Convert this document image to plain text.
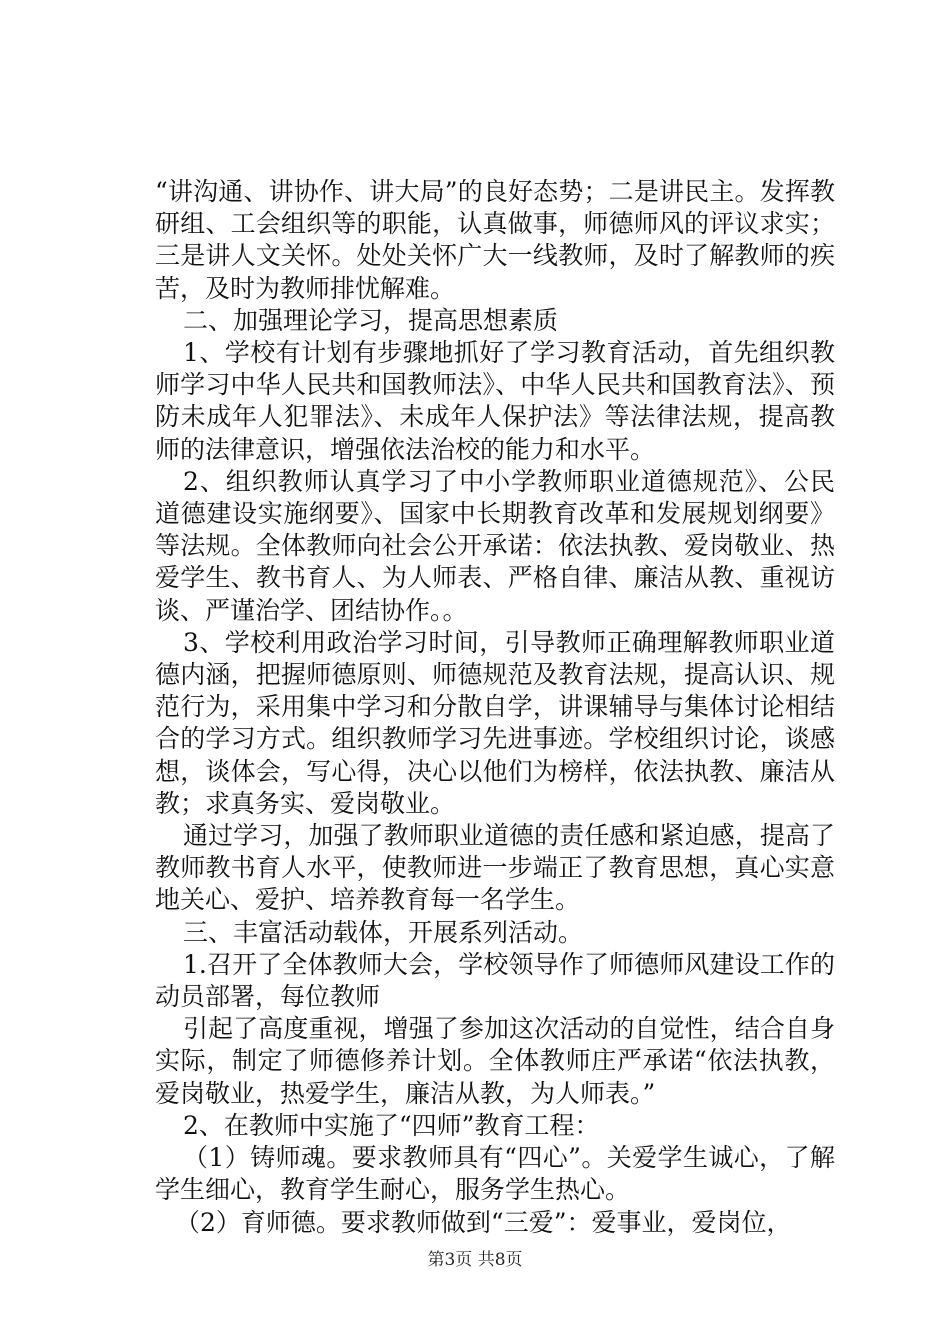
“讲沟通、讲协作、讲大局”的良好态势；二是讲民主。发挥教研组、工会组织等的职能，认真做事，师德师风的评议求实；三是讲人文关怀。处处关怀广大一线教师，及时了解教师的疾苦，及时为教师排忧解难。

二、加强理论学习，提高思想素质

1、学校有计划有步骤地抓好了学习教育活动，首先组织教师学习中华人民共和国教师法》、中华人民共和国教育法》、预防未成年人犯罪法》、未成年人保护法》等法律法规，提高教师的法律意识，增强依法治校的能力和水平。

2、组织教师认真学习了中小学教师职业道德规范》、公民道德建设实施纲要》、国家中长期教育改革和发展规划纲要》等法规。全体教师向社会公开承诺：依法执教、爱岗敬业、热爱学生、教书育人、为人师表、严格自律、廉洁从教、重视访谈、严谨治学、团结协作。。

3、学校利用政治学习时间，引导教师正确理解教师职业道德内涵，把握师德原则、师德规范及教育法规，提高认识、规范行为，采用集中学习和分散自学，讲课辅导与集体讨论相结合的学习方式。组织教师学习先进事迹。学校组织讨论，谈感想，谈体会，写心得，决心以他们为榜样，依法执教、廉洁从教；求真务实、爱岗敬业。

通过学习，加强了教师职业道德的责任感和紧迫感，提高了教师教书育人水平，使教师进一步端正了教育思想，真心实意地关心、爱护、培养教育每一名学生。

三、丰富活动载体，开展系列活动。

1.召开了全体教师大会，学校领导作了师德师风建设工作的动员部署，每位教师

引起了高度重视，增强了参加这次活动的自觉性，结合自身实际，制定了师德修养计划。全体教师庄严承诺“依法执教，爱岗敬业，热爱学生，廉洁从教，为人师表。”

2、在教师中实施了“四师”教育工程：

（1）铸师魂。要求教师具有“四心”。关爱学生诚心，了解学生细心，教育学生耐心，服务学生热心。

（2）育师德。要求教师做到“三爱”：爱事业，爱岗位，

第3页 共8页
